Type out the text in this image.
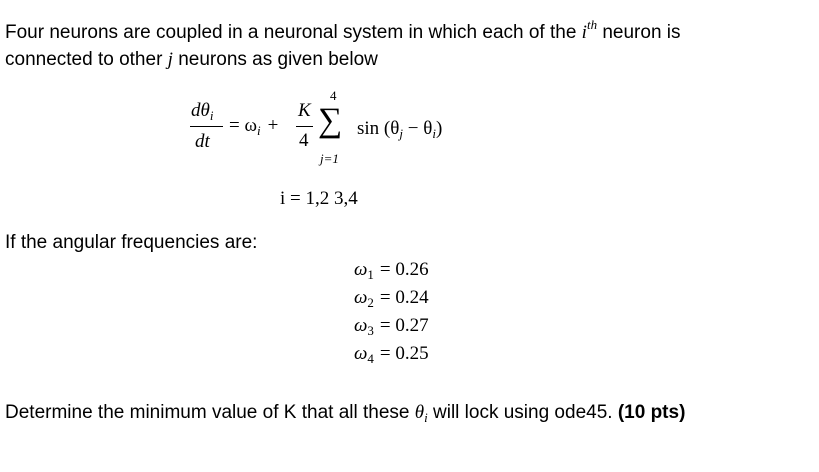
Four neurons are coupled in a neuronal system in which each of the $i^{th}$ neuron is
connected to other j neurons as given below
$d\theta_i$
dt
= $\omega_i$ +
K
4
4
∑
j=1
$\sin (\theta_j - \theta_i)$
i = 1,2 3,4
If the angular frequencies are:
$\omega_1 = 0.26$
$\omega_2 = 0.24$
$\omega_3 = 0.27$
$\omega_4 = 0.25$
Determine the minimum value of K that all these $\theta_i$ will lock using ode45. (10 pts)
